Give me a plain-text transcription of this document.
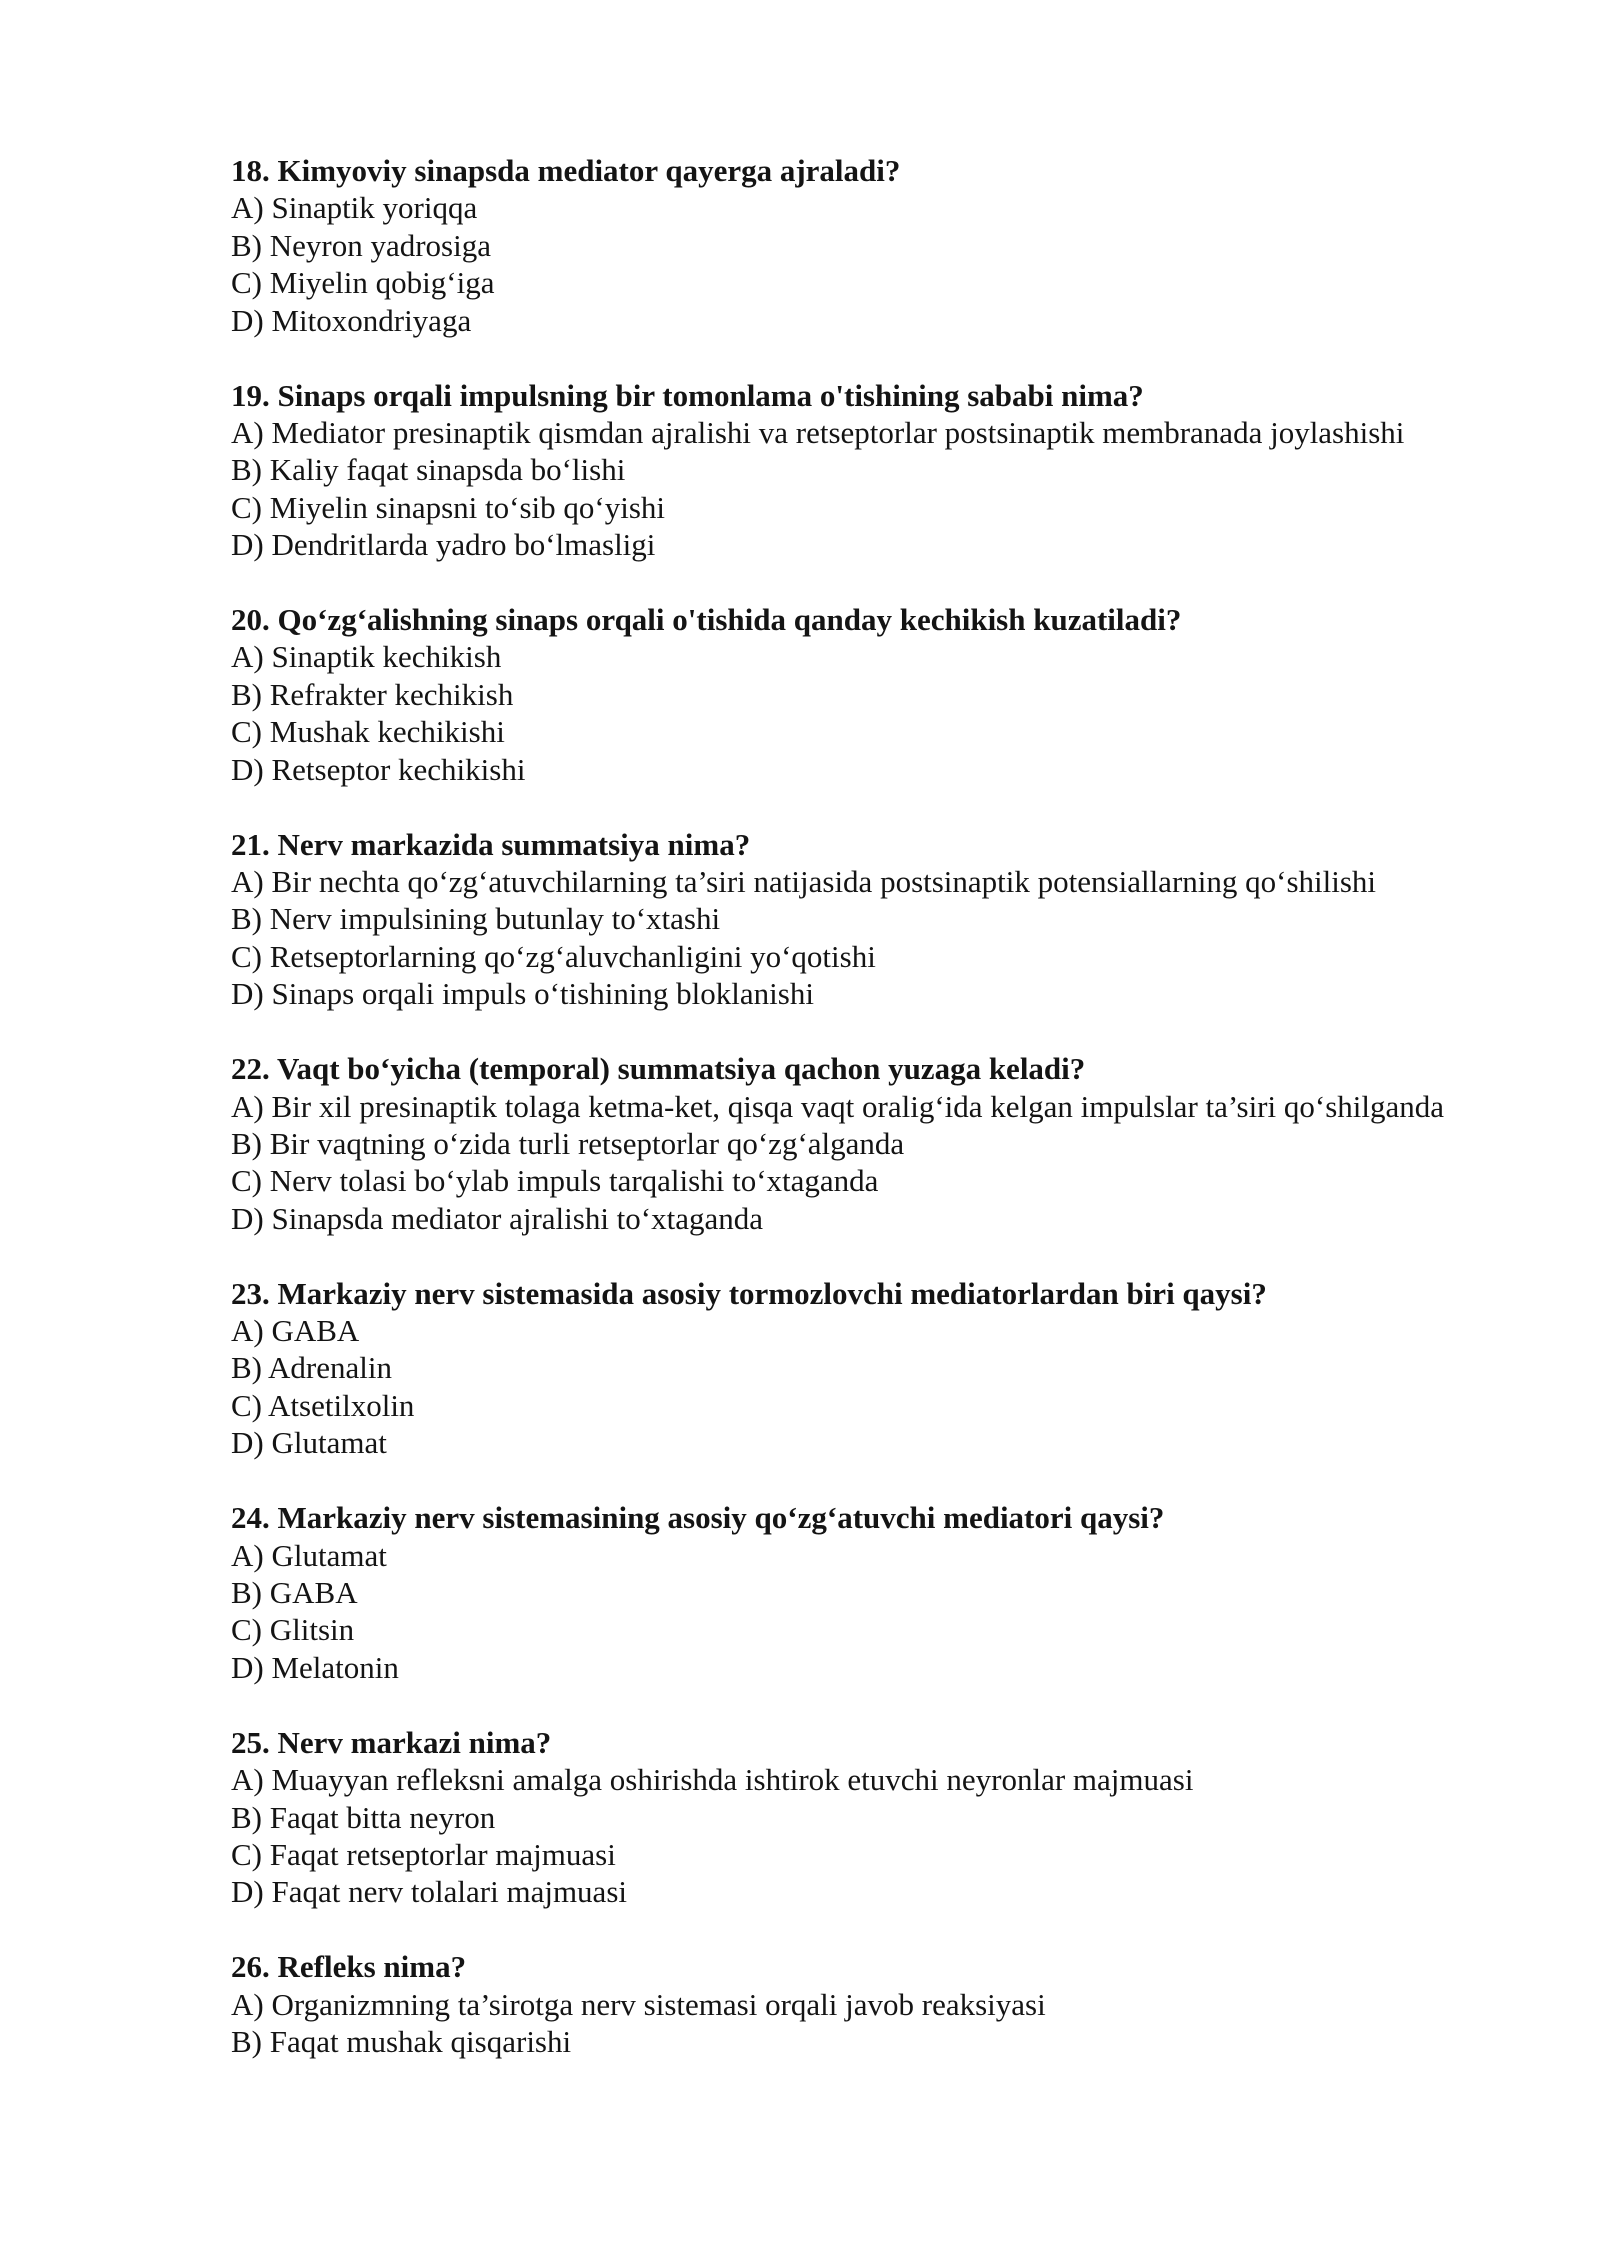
18. Kimyoviy sinapsda mediator qayerga ajraladi?

A) Sinaptik yoriqqa

B) Neyron yadrosiga

C) Miyelin qobig‘iga

D) Mitoxondriyaga

19. Sinaps orqali impulsning bir tomonlama o'tishining sababi nima?

A) Mediator presinaptik qismdan ajralishi va retseptorlar postsinaptik membranada joylashishi

B) Kaliy faqat sinapsda bo‘lishi

C) Miyelin sinapsni to‘sib qo‘yishi

D) Dendritlarda yadro bo‘lmasligi

20. Qo‘zg‘alishning sinaps orqali o'tishida qanday kechikish kuzatiladi?

A) Sinaptik kechikish

B) Refrakter kechikish

C) Mushak kechikishi

D) Retseptor kechikishi

21. Nerv markazida summatsiya nima?

A) Bir nechta qo‘zg‘atuvchilarning ta’siri natijasida postsinaptik potensiallarning qo‘shilishi

B) Nerv impulsining butunlay to‘xtashi

C) Retseptorlarning qo‘zg‘aluvchanligini yo‘qotishi

D) Sinaps orqali impuls o‘tishining bloklanishi

22. Vaqt bo‘yicha (temporal) summatsiya qachon yuzaga keladi?

A) Bir xil presinaptik tolaga ketma-ket, qisqa vaqt oralig‘ida kelgan impulslar ta’siri qo‘shilganda

B) Bir vaqtning o‘zida turli retseptorlar qo‘zg‘alganda

C) Nerv tolasi bo‘ylab impuls tarqalishi to‘xtaganda

D) Sinapsda mediator ajralishi to‘xtaganda

23. Markaziy nerv sistemasida asosiy tormozlovchi mediatorlardan biri qaysi?

A) GABA

B) Adrenalin

C) Atsetilxolin

D) Glutamat

24. Markaziy nerv sistemasining asosiy qo‘zg‘atuvchi mediatori qaysi?

A) Glutamat

B) GABA

C) Glitsin

D) Melatonin

25. Nerv markazi nima?

A) Muayyan refleksni amalga oshirishda ishtirok etuvchi neyronlar majmuasi

B) Faqat bitta neyron

C) Faqat retseptorlar majmuasi

D) Faqat nerv tolalari majmuasi

26. Refleks nima?

A) Organizmning ta’sirotga nerv sistemasi orqali javob reaksiyasi

B) Faqat mushak qisqarishi
